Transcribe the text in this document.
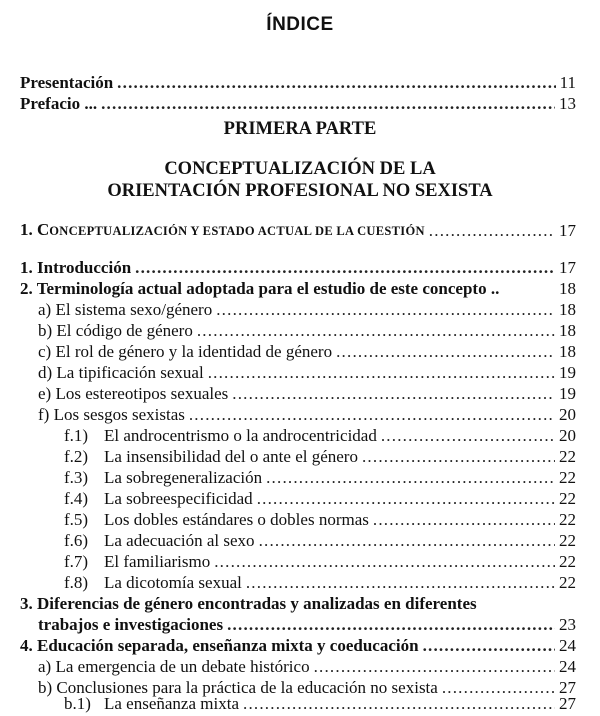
ÍNDICE
Presentación .....	11
Prefacio ... .....	13
PRIMERA PARTE
CONCEPTUALIZACIÓN DE LA
ORIENTACIÓN PROFESIONAL NO SEXISTA
1. CONCEPTUALIZACIÓN Y ESTADO ACTUAL DE LA CUESTIÓN .....	17
1. Introducción .....	17
2. Terminología actual adoptada para el estudio de este concepto ..	18
a) El sistema sexo/género .....	18
b) El código de género .....	18
c) El rol de género y la identidad de género .....	18
d) La tipificación sexual .....	19
e) Los estereotipos sexuales .....	19
f) Los sesgos sexistas .....	20
f.1) El androcentrismo o la androcentricidad .....	20
f.2) La insensibilidad del o ante el género .....	22
f.3) La sobregeneralización .....	22
f.4) La sobreespecificidad .....	22
f.5) Los dobles estándares o dobles normas .....	22
f.6) La adecuación al sexo .....	22
f.7) El familiarismo .....	22
f.8) La dicotomía sexual .....	22
3. Diferencias de género encontradas y analizadas en diferentes
trabajos e investigaciones .....	23
4. Educación separada, enseñanza mixta y coeducación .....	24
a) La emergencia de un debate histórico .....	24
b) Conclusiones para la práctica de la educación no sexista .....	27
b.1) La enseñanza mixta .....	27
